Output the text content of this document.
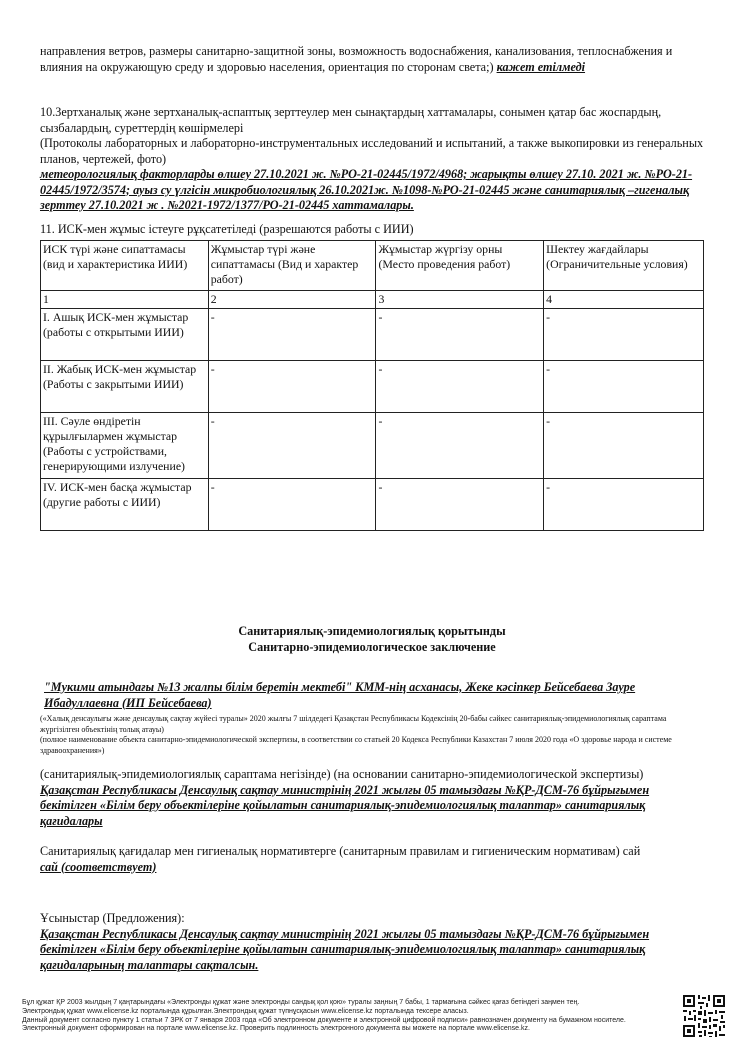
направления ветров, размеры санитарно-защитной зоны, возможность водоснабжения, канализования, теплоснабжения и влияния на окружающую среду и здоровью населения, ориентация по сторонам света;) кажет етілмеді
10.Зертханалық және зертханалық-аспаптық зерттеулер мен сынақтардың хаттамалары, сонымен қатар бас жоспардың, сызбалардың, суреттердің көшірмелері
(Протоколы лабораторных и лабораторно-инструментальных исследований и испытаний, а также выкопировки из генеральных планов, чертежей, фото)
метеорологиялық факторларды өлшеу 27.10.2021 ж. №РО-21-02445/1972/4968; жарықты өлшеу 27.10. 2021 ж. №РО-21-02445/1972/3574; ауыз су үлгісін микробиологиялық 26.10.2021ж. №1098-№РО-21-02445 және санитариялық –гигеналық зерттеу 27.10.2021 ж . №2021-1972/1377/РО-21-02445 хаттамалары.
11. ИСК-мен жұмыс істеуге рұқсатетіледі (разрешаются работы с ИИИ)
ИСК түрі және сипаттамасы (вид и характеристика ИИИ)	Жұмыстар түрі және сипаттамасы (Вид и характер работ)	Жұмыстар жүргізу орны (Место проведения работ)	Шектеу жағдайлары (Ограничительные условия)
1	2	3	4
I. Ашық ИСК-мен жұмыстар (работы с открытыми ИИИ)	-	-	-
II. Жабық ИСК-мен жұмыстар (Работы с закрытыми ИИИ)	-	-	-
III. Сәуле өндіретін құрылғылармен жұмыстар (Работы с устройствами, генерирующими излучение)	-	-	-
IV. ИСК-мен басқа жұмыстар (другие работы с ИИИ)	-	-	-
Санитариялық-эпидемиологиялық қорытынды
Санитарно-эпидемиологическое заключение
"Мукими атындағы №13 жалпы білім беретін мектебі" КММ-нің асханасы, Жеке кәсіпкер Бейсебаева Зауре Ибадуллаевна (ИП Бейсебаева)
(«Халық денсаулығы және денсаулық сақтау жүйесі туралы» 2020 жылғы 7 шілдедегі Қазақстан Республикасы Кодексінің 20-бабы сәйкес санитариялық-эпидемиологиялық сараптама жүргізілген объектінің толық атауы)
(полное наименование объекта санитарно-эпидемиологической экспертизы, в соответствии со статьей 20 Кодекса Республики Казахстан 7 июля 2020 года «О здоровье народа и системе здравоохранения»)
(санитариялық-эпидемиологиялық сараптама негізінде) (на основании санитарно-эпидемиологической экспертизы)
Қазақстан Республикасы Денсаулық сақтау министрінің 2021 жылғы 05 тамыздағы №ҚР-ДСМ-76 бұйрығымен бекітілген «Білім беру объектілеріне қойылатын санитариялық-эпидемиологиялық талаптар» санитариялық қағидалары
Санитариялық қағидалар мен гигиеналық нормативтерге (санитарным правилам и гигиеническим нормативам) сай
сай (соответствует)
Ұсыныстар (Предложения):
Қазақстан Республикасы Денсаулық сақтау министрінің 2021 жылғы 05 тамыздағы №ҚР-ДСМ-76 бұйрығымен бекітілген «Білім беру объектілеріне қойылатын санитариялық-эпидемиологиялық талаптар» санитариялық қағидаларының талаптары сақталсын.
Бұл құжат ҚР 2003 жылдың 7 қаңтарындағы «Электронды құжат және электронды сандық қол қою» туралы заңның 7 бабы, 1 тармағына сәйкес қағаз бетіндегі заңмен тең.
Электрондық құжат www.elicense.kz порталында құрылған.Электрондық құжат түпнұсқасын www.elicense.kz порталында тексере аласыз.
Данный документ согласно пункту 1 статьи 7 ЗРК от 7 января 2003 года «Об электронном документе и электронной цифровой подписи» равнозначен документу на бумажном носителе. Электронный документ сформирован на портале www.elicense.kz. Проверить подлинность электронного документа вы можете на портале www.elicense.kz.
